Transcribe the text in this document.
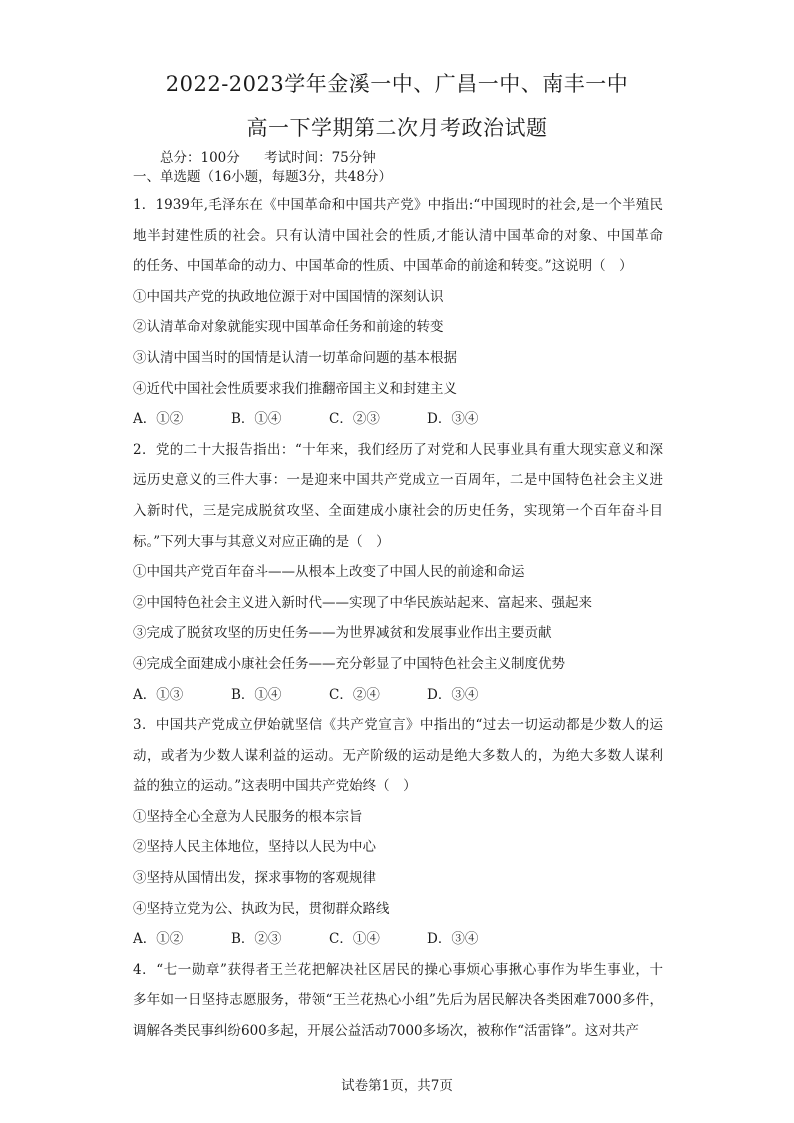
2022-2023学年金溪一中、广昌一中、南丰一中
高一下学期第二次月考政治试题
总分：100分 考试时间：75分钟
一、单选题（16小题，每题3分，共48分）
1．1939年,毛泽东在《中国革命和中国共产党》中指出:“中国现时的社会,是一个半殖民
地半封建性质的社会。只有认清中国社会的性质,才能认清中国革命的对象、中国革命
的任务、中国革命的动力、中国革命的性质、中国革命的前途和转变。”这说明（　）
①中国共产党的执政地位源于对中国国情的深刻认识
②认清革命对象就能实现中国革命任务和前途的转变
③认清中国当时的国情是认清一切革命问题的基本根据
④近代中国社会性质要求我们推翻帝国主义和封建主义
A．①②	B．①④	C．②③	D．③④
2．党的二十大报告指出：“十年来，我们经历了对党和人民事业具有重大现实意义和深
远历史意义的三件大事：一是迎来中国共产党成立一百周年，二是中国特色社会主义进
入新时代，三是完成脱贫攻坚、全面建成小康社会的历史任务，实现第一个百年奋斗目
标。”下列大事与其意义对应正确的是（　）
①中国共产党百年奋斗——从根本上改变了中国人民的前途和命运
②中国特色社会主义进入新时代——实现了中华民族站起来、富起来、强起来
③完成了脱贫攻坚的历史任务——为世界减贫和发展事业作出主要贡献
④完成全面建成小康社会任务——充分彰显了中国特色社会主义制度优势
A．①③	B．①④	C．②④	D．③④
3．中国共产党成立伊始就坚信《共产党宣言》中指出的“过去一切运动都是少数人的运
动，或者为少数人谋利益的运动。无产阶级的运动是绝大多数人的，为绝大多数人谋利
益的独立的运动。”这表明中国共产党始终（　）
①坚持全心全意为人民服务的根本宗旨
②坚持人民主体地位，坚持以人民为中心
③坚持从国情出发，探求事物的客观规律
④坚持立党为公、执政为民，贯彻群众路线
A．①②	B．②③	C．①④	D．③④
4．“七一勋章”获得者王兰花把解决社区居民的操心事烦心事揪心事作为毕生事业，十
多年如一日坚持志愿服务，带领“王兰花热心小组”先后为居民解决各类困难7000多件，
调解各类民事纠纷600多起，开展公益活动7000多场次，被称作“活雷锋”。这对共产
试卷第1页，共7页
